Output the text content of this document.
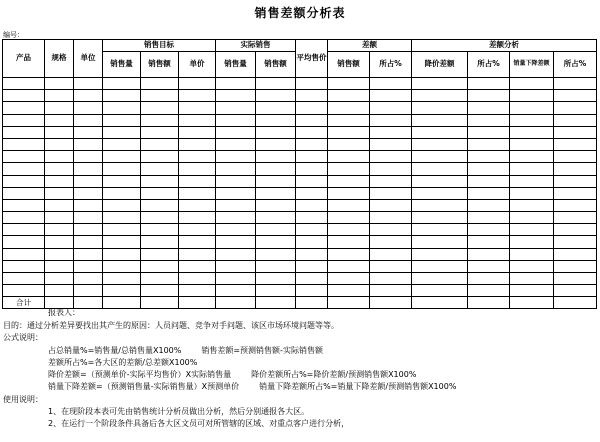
销售差额分析表
编号：
产品	规格	单位	销售目标			实际销售		平均售价	差额		差额分析			
			销售量	销售额	单价	销售量	销售额		销售额	所占%	降价差额	所占%	销量下降差额	所占%

合计														
报表人：
目的：通过分析差异要找出其产生的原因：人员问题、竞争对手问题、该区市场环境问题等等。
公式说明：
占总销量%=销售量/总销售量X100%	销售差额=预测销售额-实际销售额
差额所占%=各大区的差额/总差额X100%
降价差额=（预测单价-实际平均售价）X实际销售量	降价差额所占%=降价差额/预测销售额X100%
销量下降差额=（预测销售量-实际销售量）X预测单价	销量下降差额所占%=销量下降差额/预测销售额X100%
使用说明：
1、在现阶段本表可先由销售统计分析员做出分析，然后分别通报各大区。
2、在运行一个阶段条件具备后各大区文员可对所管辖的区域、对重点客户进行分析，
